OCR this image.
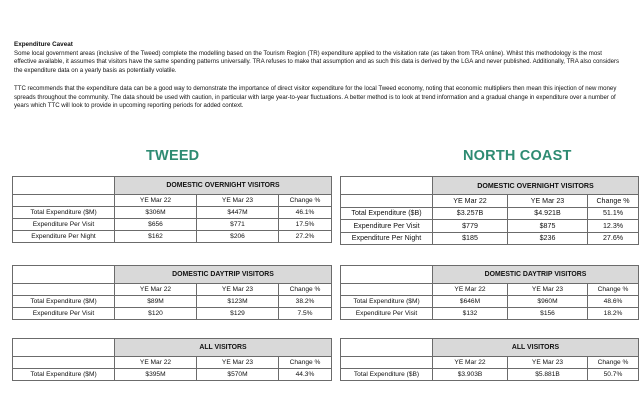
Expenditure Caveat

Some local government areas (inclusive of the Tweed) complete the modelling based on the Tourism Region (TR) expenditure applied to the visitation rate (as taken from TRA online). Whilst this methodology is the most effective available, it assumes that visitors have the same spending patterns universally. TRA refuses to make that assumption and as such this data is derived by the LGA and never published. Additionally, TRA also considers the expenditure data on a yearly basis as potentially volatile.

TTC recommends that the expenditure data can be a good way to demonstrate the importance of direct visitor expenditure for the local Tweed economy, noting that economic multipliers then mean this injection of new money spreads throughout the community. The data should be used with caution, in particular with large year-to-year fluctuations. A better method is to look at trend information and a gradual change in expenditure over a number of years which TTC will look to provide in upcoming reporting periods for added context.

TWEED	NORTH COAST
	DOMESTIC OVERNIGHT VISITORS		
	YE Mar 22	YE Mar 23	Change %
Total Expenditure ($M)	$306M	$447M	46.1%
Expenditure Per Visit	$656	$771	17.5%
Expenditure Per Night	$162	$206	27.2%
	DOMESTIC DAYTRIP VISITORS		
	YE Mar 22	YE Mar 23	Change %
Total Expenditure ($M)	$89M	$123M	38.2%
Expenditure Per Visit	$120	$129	7.5%
	ALL VISITORS		
	YE Mar 22	YE Mar 23	Change %
Total Expenditure ($M)	$395M	$570M	44.3%
	DOMESTIC OVERNIGHT VISITORS		
	YE Mar 22	YE Mar 23	Change %
Total Expenditure ($B)	$3.257B	$4.921B	51.1%
Expenditure Per Visit	$779	$875	12.3%
Expenditure Per Night	$185	$236	27.6%
	DOMESTIC DAYTRIP VISITORS		
	YE Mar 22	YE Mar 23	Change %
Total Expenditure ($M)	$646M	$960M	48.6%
Expenditure Per Visit	$132	$156	18.2%
	ALL VISITORS		
	YE Mar 22	YE Mar 23	Change %
Total Expenditure ($B)	$3.903B	$5.881B	50.7%
